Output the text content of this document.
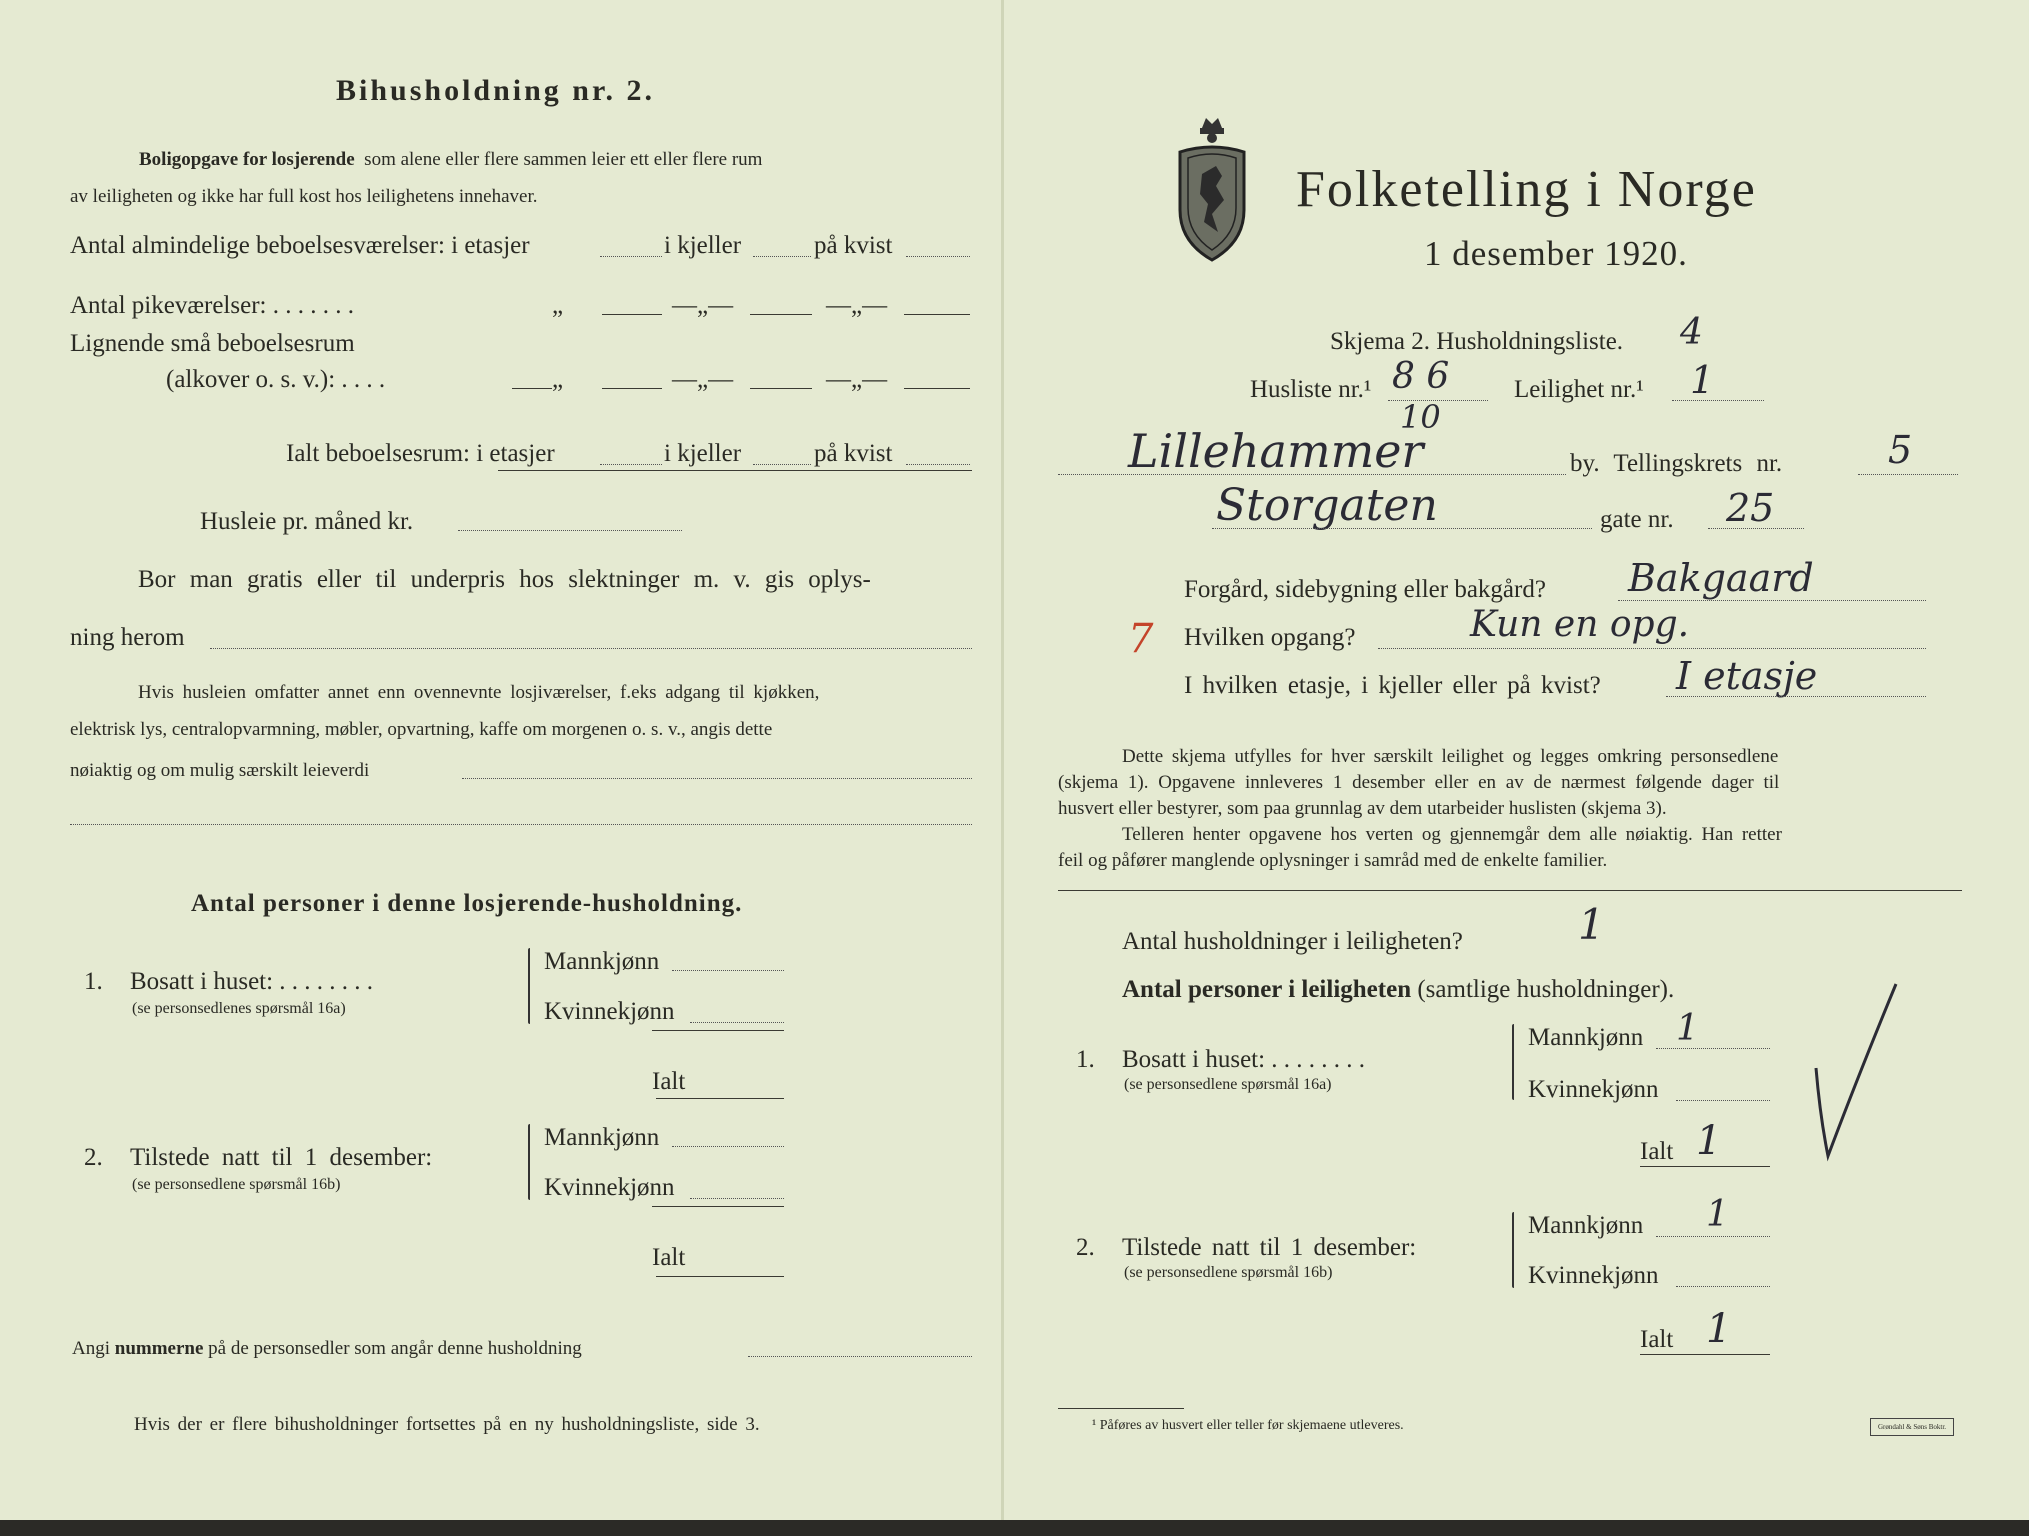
Bihusholdning nr. 2.
Boligopgave for losjerende som alene eller flere sammen leier ett eller flere rum
av leiligheten og ikke har full kost hos leilighetens innehaver.
Antal almindelige beboelsesværelser: i etasjer	i kjeller	på kvist
Antal pikeværelser: . . . . . . .	„	—„—	—„—
Lignende små beboelsesrum
(alkover o. s. v.): . . . .	„	—„—	—„—
Ialt beboelsesrum: i etasjer	i kjeller	på kvist
Husleie pr. måned kr.
Bor man gratis eller til underpris hos slektninger m. v. gis oplys-
ning herom
Hvis husleien omfatter annet enn ovennevnte losjiværelser, f.eks adgang til kjøkken,
elektrisk lys, centralopvarmning, møbler, opvartning, kaffe om morgenen o. s. v., angis dette
nøiaktig og om mulig særskilt leieverdi
Antal personer i denne losjerende-husholdning.
1. Bosatt i huset: . . . . . . . .
(se personsedlenes spørsmål 16a)
Mannkjønn
Kvinnekjønn
Ialt
2. Tilstede natt til 1 desember:
(se personsedlene spørsmål 16b)
Mannkjønn
Kvinnekjønn
Ialt
Angi nummerne på de personsedler som angår denne husholdning
Hvis der er flere bihusholdninger fortsettes på en ny husholdningsliste, side 3.
Folketelling i Norge
1 desember 1920.
Skjema 2. Husholdningsliste. 4
Husliste nr.¹ 8 6
10
Leilighet nr.¹ 1
Lillehammer	by. Tellingskrets nr.	5
Storgaten	gate nr. 25
Forgård, sidebygning eller bakgård? Bakgaard
7 Hvilken opgang?	Kun en opg.
I hvilken etasje, i kjeller eller på kvist? I etasje
Dette skjema utfylles for hver særskilt leilighet og legges omkring personsedlene
(skjema 1). Opgavene innleveres 1 desember eller en av de nærmest følgende dager til
husvert eller bestyrer, som paa grunnlag av dem utarbeider huslisten (skjema 3).
Telleren henter opgavene hos verten og gjennemgår dem alle nøiaktig. Han retter
feil og påfører manglende oplysninger i samråd med de enkelte familier.
Antal husholdninger i leiligheten?	1
Antal personer i leiligheten (samtlige husholdninger).
1. Bosatt i huset: . . . . . . . .
(se personsedlene spørsmål 16a)
Mannkjønn 1
Kvinnekjønn
Ialt 1
2. Tilstede natt til 1 desember:
(se personsedlene spørsmål 16b)
Mannkjønn 1
Kvinnekjønn
Ialt 1
¹ Påføres av husvert eller teller før skjemaene utleveres.	Grøndahl & Søns Boktr.
